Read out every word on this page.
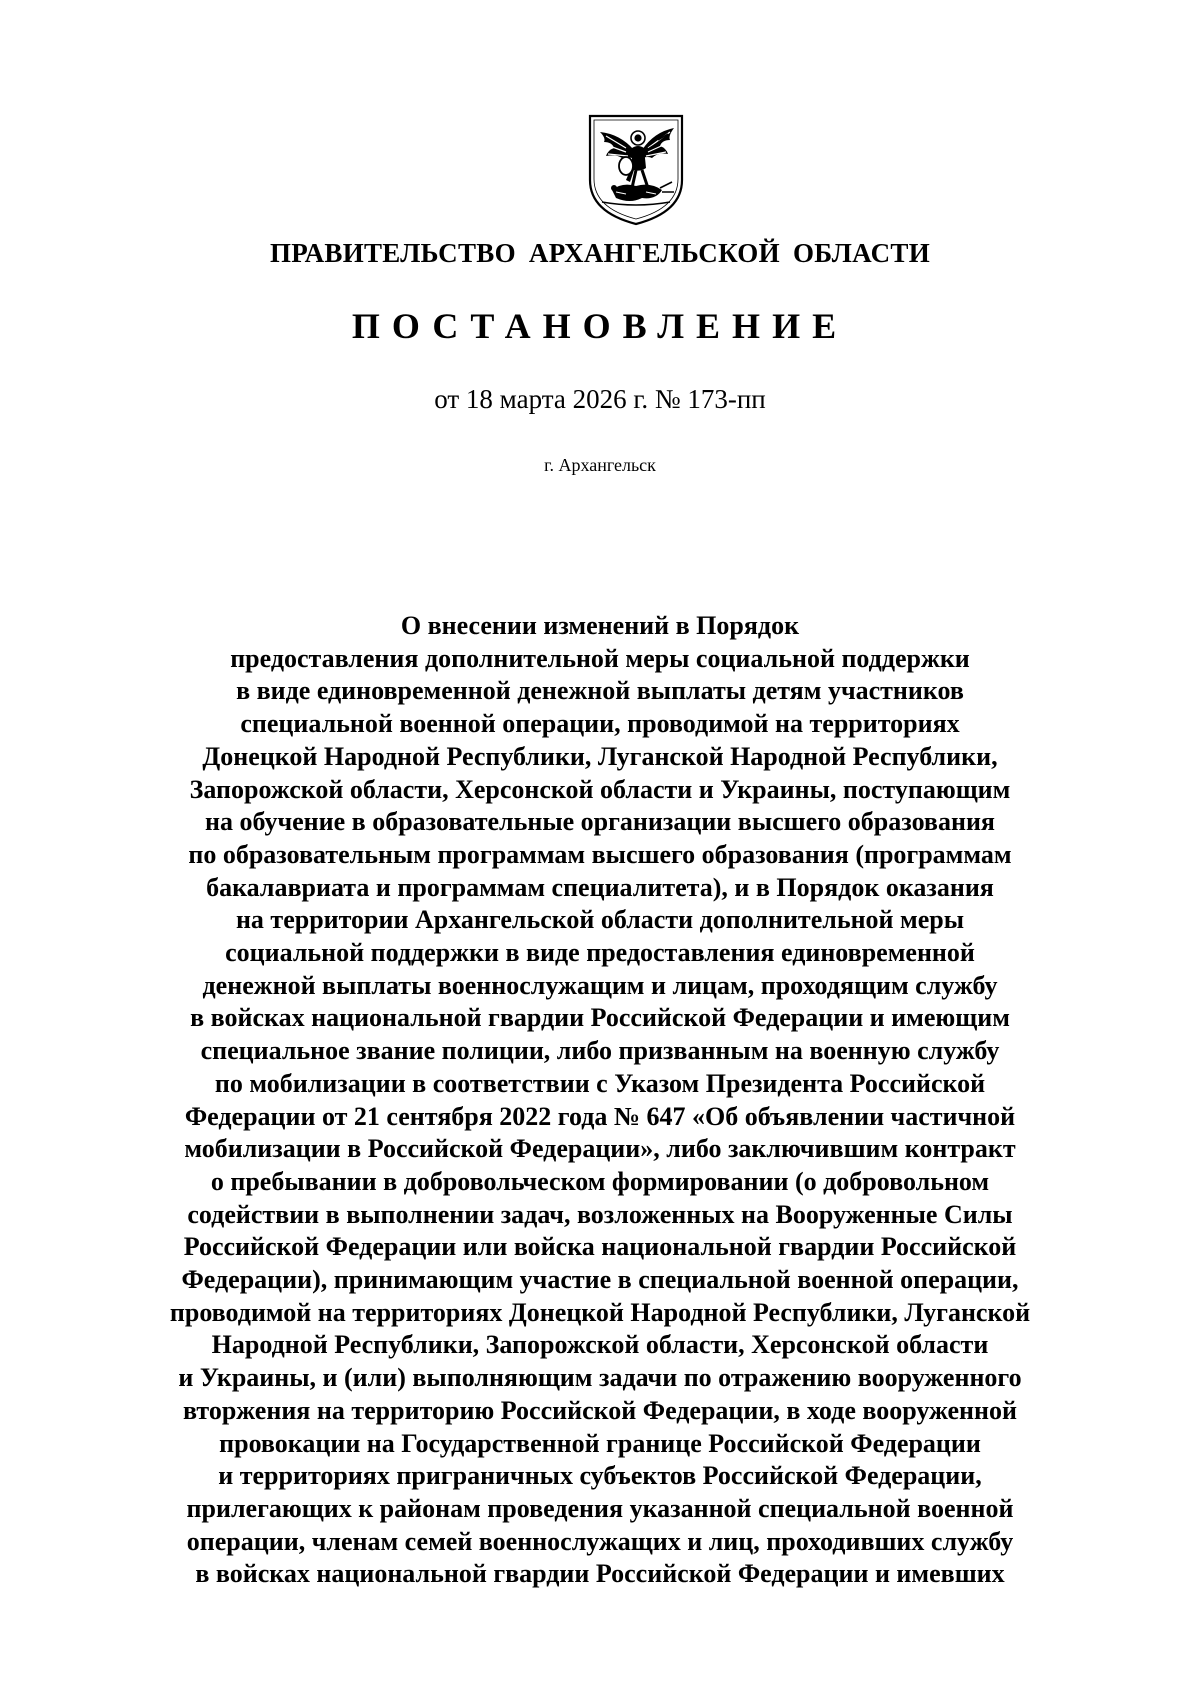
ПРАВИТЕЛЬСТВО АРХАНГЕЛЬСКОЙ ОБЛАСТИ
ПОСТАНОВЛЕНИЕ
от 18 марта 2026 г. № 173-пп
г. Архангельск
О внесении изменений в Порядок
предоставления дополнительной меры социальной поддержки
в виде единовременной денежной выплаты детям участников
специальной военной операции, проводимой на территориях
Донецкой Народной Республики, Луганской Народной Республики,
Запорожской области, Херсонской области и Украины, поступающим
на обучение в образовательные организации высшего образования
по образовательным программам высшего образования (программам
бакалавриата и программам специалитета), и в Порядок оказания
на территории Архангельской области дополнительной меры
социальной поддержки в виде предоставления единовременной
денежной выплаты военнослужащим и лицам, проходящим службу
в войсках национальной гвардии Российской Федерации и имеющим
специальное звание полиции, либо призванным на военную службу
по мобилизации в соответствии с Указом Президента Российской
Федерации от 21 сентября 2022 года № 647 «Об объявлении частичной
мобилизации в Российской Федерации», либо заключившим контракт
о пребывании в добровольческом формировании (о добровольном
содействии в выполнении задач, возложенных на Вооруженные Силы
Российской Федерации или войска национальной гвардии Российской
Федерации), принимающим участие в специальной военной операции,
проводимой на территориях Донецкой Народной Республики, Луганской
Народной Республики, Запорожской области, Херсонской области
и Украины, и (или) выполняющим задачи по отражению вооруженного
вторжения на территорию Российской Федерации, в ходе вооруженной
провокации на Государственной границе Российской Федерации
и территориях приграничных субъектов Российской Федерации,
прилегающих к районам проведения указанной специальной военной
операции, членам семей военнослужащих и лиц, проходивших службу
в войсках национальной гвардии Российской Федерации и имевших
